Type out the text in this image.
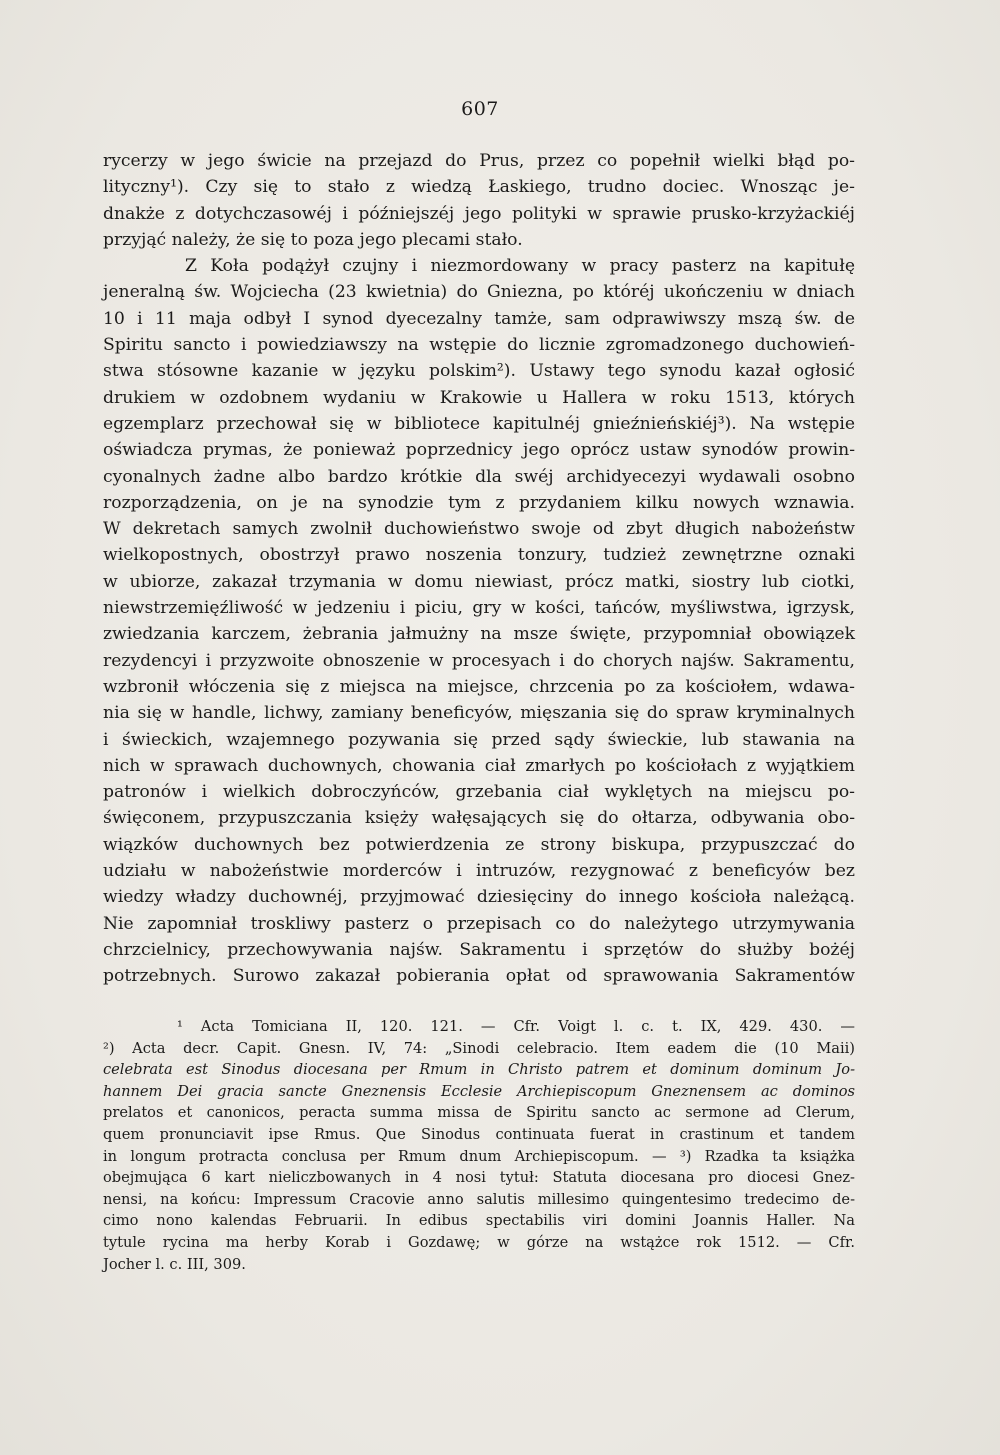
607
rycerzy w jego świcie na przejazd do Prus, przez co popełnił wielki błąd po-
lityczny¹). Czy się to stało z wiedzą Łaskiego, trudno dociec. Wnosząc je-
dnakże z dotychczasowéj i późniejszéj jego polityki w sprawie prusko-krzyżackiéj
przyjąć należy, że się to poza jego plecami stało.
Z Koła podążył czujny i niezmordowany w pracy pasterz na kapitułę
jeneralną św. Wojciecha (23 kwietnia) do Gniezna, po któréj ukończeniu w dniach
10 i 11 maja odbył I synod dyecezalny tamże, sam odprawiwszy mszą św. de
Spiritu sancto i powiedziawszy na wstępie do licznie zgromadzonego duchowień-
stwa stósowne kazanie w języku polskim²). Ustawy tego synodu kazał ogłosić
drukiem w ozdobnem wydaniu w Krakowie u Hallera w roku 1513, których
egzemplarz przechował się w bibliotece kapitulnéj gnieźnieńskiéj³). Na wstępie
oświadcza prymas, że ponieważ poprzednicy jego oprócz ustaw synodów prowin-
cyonalnych żadne albo bardzo krótkie dla swéj archidyecezyi wydawali osobno
rozporządzenia, on je na synodzie tym z przydaniem kilku nowych wznawia.
W dekretach samych zwolnił duchowieństwo swoje od zbyt długich nabożeństw
wielkopostnych, obostrzył prawo noszenia tonzury, tudzież zewnętrzne oznaki
w ubiorze, zakazał trzymania w domu niewiast, prócz matki, siostry lub ciotki,
niewstrzemięźliwość w jedzeniu i piciu, gry w kości, tańców, myśliwstwa, igrzysk,
zwiedzania karczem, żebrania jałmużny na msze święte, przypomniał obowiązek
rezydencyi i przyzwoite obnoszenie w procesyach i do chorych najśw. Sakramentu,
wzbronił włóczenia się z miejsca na miejsce, chrzcenia po za kościołem, wdawa-
nia się w handle, lichwy, zamiany beneficyów, mięszania się do spraw kryminalnych
i świeckich, wzajemnego pozywania się przed sądy świeckie, lub stawania na
nich w sprawach duchownych, chowania ciał zmarłych po kościołach z wyjątkiem
patronów i wielkich dobroczyńców, grzebania ciał wyklętych na miejscu po-
święconem, przypuszczania księży wałęsających się do ołtarza, odbywania obo-
wiązków duchownych bez potwierdzenia ze strony biskupa, przypuszczać do
udziału w nabożeństwie morderców i intruzów, rezygnować z beneficyów bez
wiedzy władzy duchownéj, przyjmować dziesięciny do innego kościoła należącą.
Nie zapomniał troskliwy pasterz o przepisach co do należytego utrzymywania
chrzcielnicy, przechowywania najśw. Sakramentu i sprzętów do służby bożéj
potrzebnych. Surowo zakazał pobierania opłat od sprawowania Sakramentów
¹ Acta Tomiciana II, 120. 121. — Cfr. Voigt l. c. t. IX, 429. 430. —
²) Acta decr. Capit. Gnesn. IV, 74: „Sinodi celebracio. Item eadem die (10 Maii)
celebrata est Sinodus diocesana per Rmum in Christo patrem et dominum dominum Jo-
hannem Dei gracia sancte Gneznensis Ecclesie Archiepiscopum Gneznensem ac dominos
prelatos et canonicos, peracta summa missa de Spiritu sancto ac sermone ad Clerum,
quem pronunciavit ipse Rmus. Que Sinodus continuata fuerat in crastinum et tandem
in longum protracta conclusa per Rmum dnum Archiepiscopum. — ³) Rzadka ta książka
obejmująca 6 kart nieliczbowanych in 4 nosi tytuł: Statuta diocesana pro diocesi Gnez-
nensi, na końcu: Impressum Cracovie anno salutis millesimo quingentesimo tredecimo de-
cimo nono kalendas Februarii. In edibus spectabilis viri domini Joannis Haller. Na
tytule rycina ma herby Korab i Gozdawę; w górze na wstążce rok 1512. — Cfr.
Jocher l. c. III, 309.
